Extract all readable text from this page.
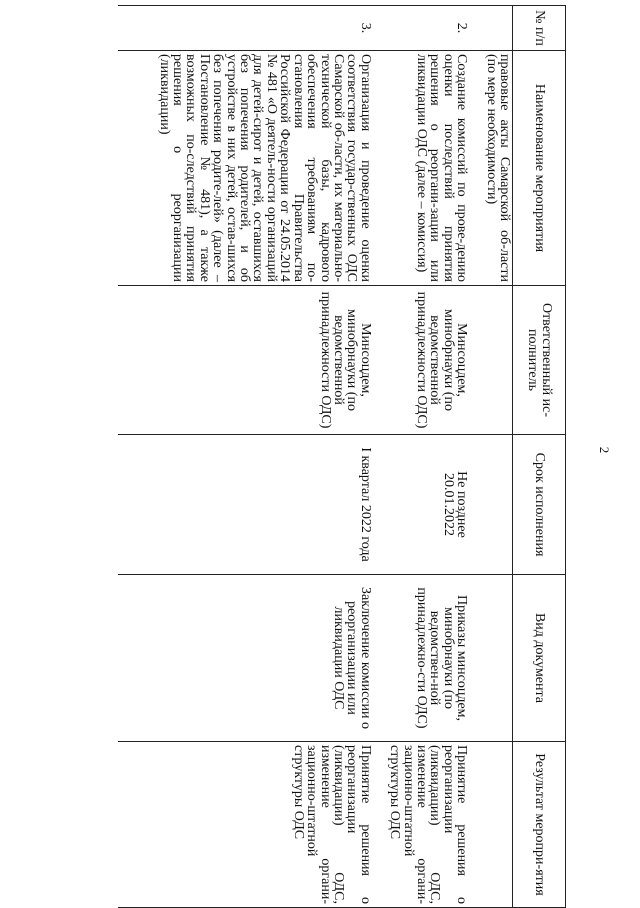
2
№ п/п	Наименование мероприятия	Ответственный ис-полнитель	Срок исполнения	Вид документа	Результат меропри-ятия
	правовые акты Самарской об-ласти (по мере необходимости)				

2.	Создание комиссий по прове-дению оценки последствий принятия решения о реоргани-зации или ликвидации ОДС (далее – комиссия)	Минсоцдем, минобрнауки (по ведомственной принадлежности ОДС)	Не позднее 20.01.2022	Приказы минсоцдем, минобрнауки (по ведомствен-ной принадлежно-сти ОДС)	Принятие решения о реорганизации (ликвидации) ОДС, изменение органи-зационно-штатной структуры ОДС

3.	Организация и проведение оценки соответствия государ-ственных ОДС Самарской об-ласти, их материально-технической базы, кадрового обеспечения требованиям по-становления Правительства Российской Федерации от 24.05.2014 № 481 «О деятель-ности организаций для детей-сирот и детей, оставшихся без попечения родителей, и об устройстве в них детей, остав-шихся без попечения родите-лей» (далее – Постановление № 481), а также возможных по-следствий принятия решения о реорганизации (ликвидации)	Минсоцдем, минобрнауки (по ведомственной принадлежности ОДС)	I квартал 2022 года	Заключение комиссии о реорганизации или ликвидации ОДС	Принятие решения о реорганизации (ликвидации) ОДС, изменение органи-зационно-штатной структуры ОДС
